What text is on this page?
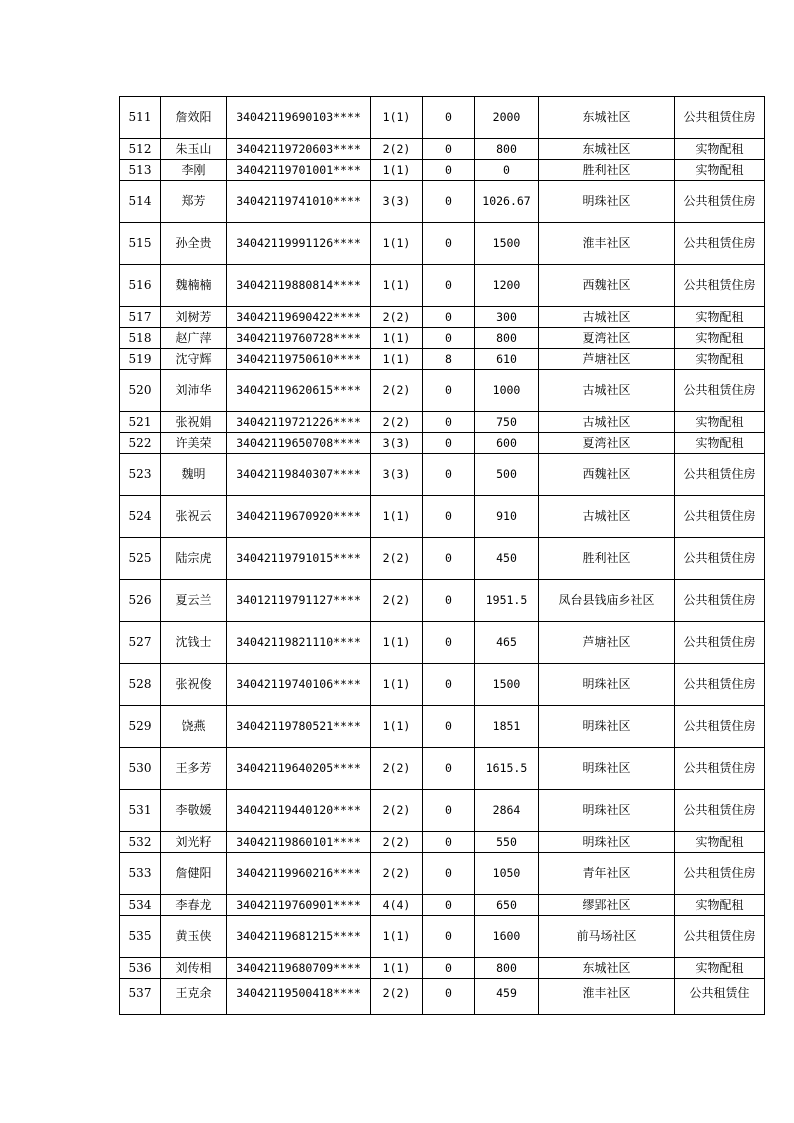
511	詹效阳	34042119690103****	1(1)	0	2000	东城社区	公共租赁住房
512	朱玉山	34042119720603****	2(2)	0	800	东城社区	实物配租
513	李刚	34042119701001****	1(1)	0	0	胜利社区	实物配租
514	郑芳	34042119741010****	3(3)	0	1026.67	明珠社区	公共租赁住房
515	孙全贵	34042119991126****	1(1)	0	1500	淮丰社区	公共租赁住房
516	魏楠楠	34042119880814****	1(1)	0	1200	西魏社区	公共租赁住房
517	刘树芳	34042119690422****	2(2)	0	300	古城社区	实物配租
518	赵广萍	34042119760728****	1(1)	0	800	夏湾社区	实物配租
519	沈守辉	34042119750610****	1(1)	8	610	芦塘社区	实物配租
520	刘沛华	34042119620615****	2(2)	0	1000	古城社区	公共租赁住房
521	张祝娟	34042119721226****	2(2)	0	750	古城社区	实物配租
522	许美荣	34042119650708****	3(3)	0	600	夏湾社区	实物配租
523	魏明	34042119840307****	3(3)	0	500	西魏社区	公共租赁住房
524	张祝云	34042119670920****	1(1)	0	910	古城社区	公共租赁住房
525	陆宗虎	34042119791015****	2(2)	0	450	胜利社区	公共租赁住房
526	夏云兰	34012119791127****	2(2)	0	1951.5	凤台县钱庙乡社区	公共租赁住房
527	沈钱士	34042119821110****	1(1)	0	465	芦塘社区	公共租赁住房
528	张祝俊	34042119740106****	1(1)	0	1500	明珠社区	公共租赁住房
529	饶燕	34042119780521****	1(1)	0	1851	明珠社区	公共租赁住房
530	王多芳	34042119640205****	2(2)	0	1615.5	明珠社区	公共租赁住房
531	李敬媛	34042119440120****	2(2)	0	2864	明珠社区	公共租赁住房
532	刘光籽	34042119860101****	2(2)	0	550	明珠社区	实物配租
533	詹健阳	34042119960216****	2(2)	0	1050	青年社区	公共租赁住房
534	李春龙	34042119760901****	4(4)	0	650	缪郢社区	实物配租
535	黄玉侠	34042119681215****	1(1)	0	1600	前马场社区	公共租赁住房
536	刘传相	34042119680709****	1(1)	0	800	东城社区	实物配租
537	王克余	34042119500418****	2(2)	0	459	淮丰社区	公共租赁住
